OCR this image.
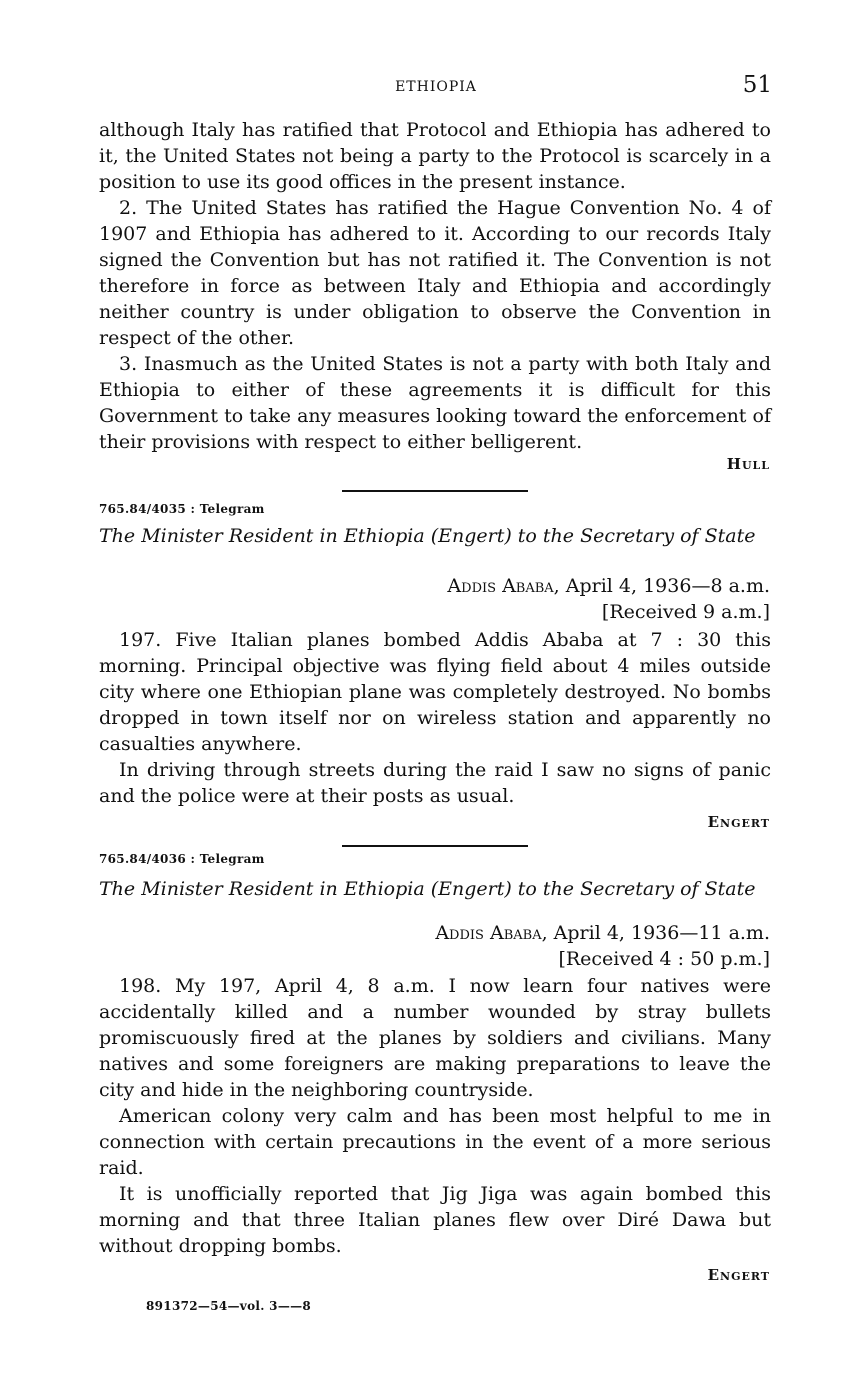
ETHIOPIA	51

although Italy has ratified that Protocol and Ethiopia has adhered to it, the United States not being a party to the Protocol is scarcely in a position to use its good offices in the present instance.

2. The United States has ratified the Hague Convention No. 4 of 1907 and Ethiopia has adhered to it. According to our records Italy signed the Convention but has not ratified it. The Convention is not therefore in force as between Italy and Ethiopia and accordingly neither country is under obligation to observe the Convention in respect of the other.

3. Inasmuch as the United States is not a party with both Italy and Ethiopia to either of these agreements it is difficult for this Government to take any measures looking toward the enforcement of their provisions with respect to either belligerent.

Hull
765.84/4035 : Telegram
The Minister Resident in Ethiopia (Engert) to the Secretary of State
Addis Ababa, April 4, 1936—8 a.m.
[Received 9 a.m.]

197. Five Italian planes bombed Addis Ababa at 7 : 30 this morning. Principal objective was flying field about 4 miles outside city where one Ethiopian plane was completely destroyed. No bombs dropped in town itself nor on wireless station and apparently no casualties anywhere.

In driving through streets during the raid I saw no signs of panic and the police were at their posts as usual.

Engert
765.84/4036 : Telegram
The Minister Resident in Ethiopia (Engert) to the Secretary of State
Addis Ababa, April 4, 1936—11 a.m.
[Received 4 : 50 p.m.]

198. My 197, April 4, 8 a.m. I now learn four natives were accidentally killed and a number wounded by stray bullets promiscuously fired at the planes by soldiers and civilians. Many natives and some foreigners are making preparations to leave the city and hide in the neighboring countryside.

American colony very calm and has been most helpful to me in connection with certain precautions in the event of a more serious raid.

It is unofficially reported that Jig Jiga was again bombed this morning and that three Italian planes flew over Diré Dawa but without dropping bombs.

Engert
891372—54—vol. 3——8
